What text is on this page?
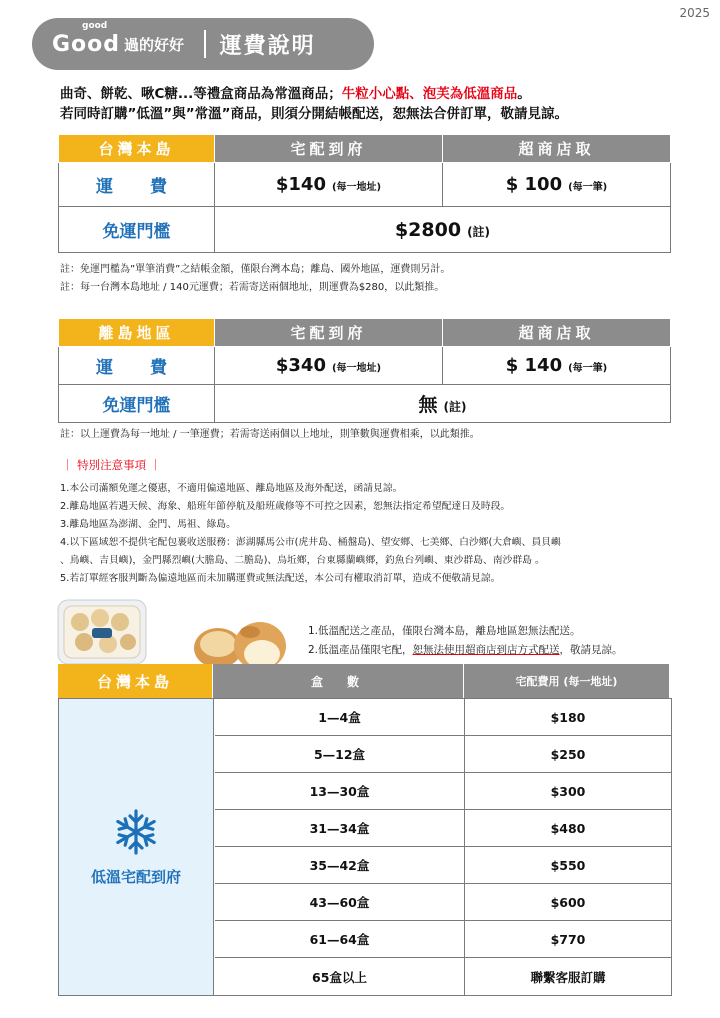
2025
good
Good 過的好好 運費說明
曲奇、餅乾、啾C糖...等禮盒商品為常溫商品；牛粒小心點、泡芙為低溫商品。
若同時訂購”低溫”與”常溫”商品，則須分開結帳配送，恕無法合併訂單，敬請見諒。
台灣本島	宅配到府	超商店取
運　費	$140 (每一地址)	$ 100 (每一筆)
免運門檻	$2800 (註)	
註：免運門檻為”單筆消費”之結帳金額，僅限台灣本島；離島、國外地區，運費則另計。
註：每一台灣本島地址 / 140元運費；若需寄送兩個地址，則運費為$280，以此類推。
離島地區	宅配到府	超商店取
運　費	$340 (每一地址)	$ 140 (每一筆)
免運門檻	無 (註)	
註：以上運費為每一地址 / 一筆運費；若需寄送兩個以上地址，則筆數與運費相乘，以此類推。
｜ 特別注意事項 ｜
1.本公司滿額免運之優惠，不適用偏遠地區、離島地區及海外配送，函請見諒。
2.離島地區若遇天候、海象、船班年節停航及船班歲修等不可控之因素，恕無法指定希望配達日及時段。
3.離島地區為澎湖、金門、馬祖、綠島。
4.以下區域恕不提供宅配包裹收送服務：澎湖縣馬公市(虎井島、桶盤島)、望安鄉、七美鄉、白沙鄉(大倉嶼、員貝嶼
、鳥嶼、吉貝嶼)，金門縣烈嶼(大膽島、二膽島)、烏坵鄉，台東縣蘭嶼鄉，釣魚台列嶼、東沙群島、南沙群島 。
5.若訂單經客服判斷為偏遠地區而未加購運費或無法配送，本公司有權取消訂單，造成不便敬請見諒。
1.低溫配送之產品，僅限台灣本島，離島地區恕無法配送。
2.低溫產品僅限宅配，恕無法使用超商店到店方式配送，敬請見諒。
台灣本島	盒　數	宅配費用 (每一地址)
低溫宅配到府
1—4盒	$180
5—12盒	$250
13—30盒	$300
31—34盒	$480
35—42盒	$550
43—60盒	$600
61—64盒	$770
65盒以上	聯繫客服訂購
